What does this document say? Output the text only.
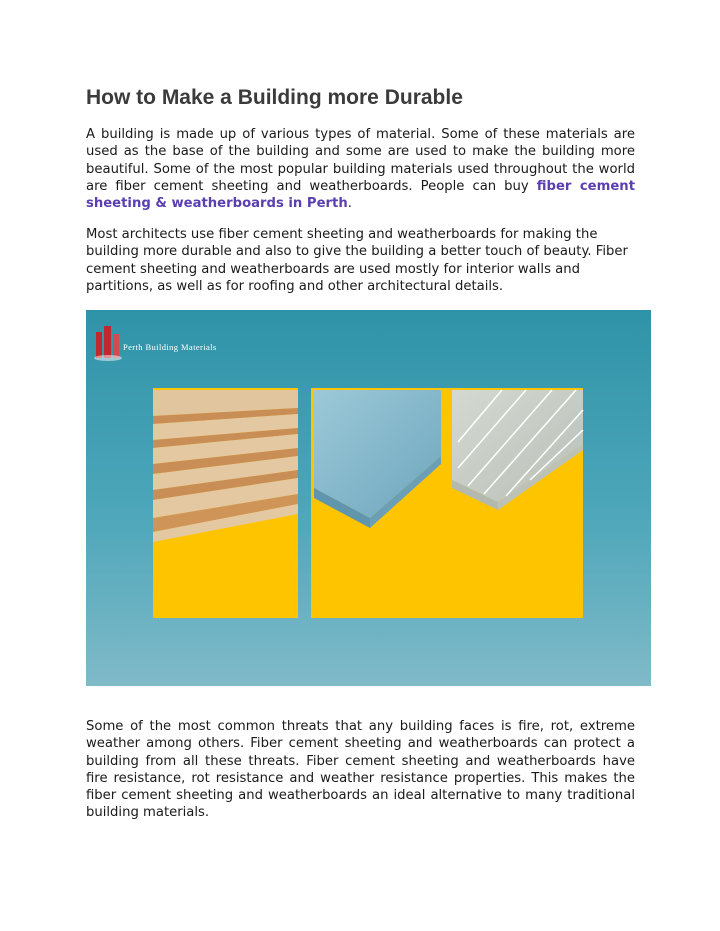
How to Make a Building more Durable

A building is made up of various types of material. Some of these materials are used as the base of the building and some are used to make the building more beautiful. Some of the most popular building materials used throughout the world are fiber cement sheeting and weatherboards. People can buy fiber cement sheeting & weatherboards in Perth.

Most architects use fiber cement sheeting and weatherboards for making the building more durable and also to give the building a better touch of beauty. Fiber cement sheeting and weatherboards are used mostly for interior walls and partitions, as well as for roofing and other architectural details.

Perth Building Materials

Some of the most common threats that any building faces is fire, rot, extreme weather among others. Fiber cement sheeting and weatherboards can protect a building from all these threats. Fiber cement sheeting and weatherboards have fire resistance, rot resistance and weather resistance properties. This makes the fiber cement sheeting and weatherboards an ideal alternative to many traditional building materials.
